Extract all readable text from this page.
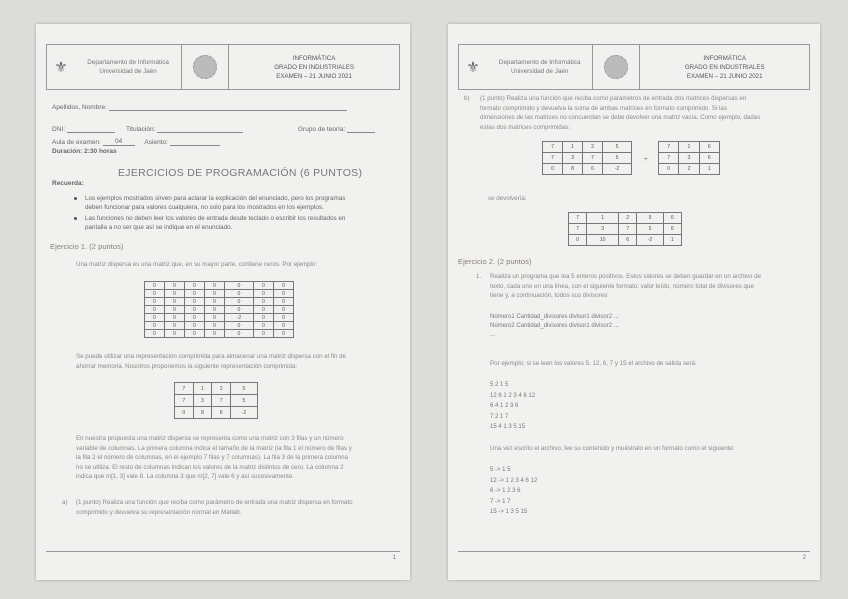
⚜	Departamento de Informática
Universidad de Jaén
INFORMÁTICA
GRADO EN INDUSTRIALES
EXAMEN – 21 JUNIO 2021
Apellidos, Nombre:
DNI:	Titulación:	Grupo de teoría:
Aula de examen: 04	Asiento:
Duración: 2:30 horas
EJERCICIOS DE PROGRAMACIÓN (6 PUNTOS)
Recuerda:
Los ejemplos mostrados sirven para aclarar la explicación del enunciado, pero los programas
deben funcionar para valores cualquiera, no solo para los mostrados en los ejemplos.
Las funciones no deben leer los valores de entrada desde teclado o escribir los resultados en
pantalla a no ser que así se indique en el enunciado.
Ejercicio 1. (2 puntos)
Una matriz dispersa es una matriz que, en su mayor parte, contiene ceros. Por ejemplo:
0	0	0	0	0	0	0
0	0	0	0	0	0	0
0	0	0	0	0	0	0
0	0	0	0	0	0	0
0	0	0	0	-2	0	0
0	0	0	0	0	0	0
0	0	0	0	0	0	0
Se puede utilizar una representación comprimida para almacenar una matriz dispersa con el fin de
ahorrar memoria. Nosotros proponemos la siguiente representación comprimida:
7	1	2	5
7	3	7	5
0	8	6	-2
En nuestra propuesta una matriz dispersa se representa como una matriz con 3 filas y un número
variable de columnas. La primera columna indica el tamaño de la matriz (la fila 1 el número de filas y
la fila 2 el número de columnas, en el ejemplo 7 filas y 7 columnas). La fila 3 de la primera columna
no se utiliza. El resto de columnas indican los valores de la matriz distintos de cero. La columna 2
indica que m[1, 3] vale 8. La columna 3 que m[2, 7] vale 6 y así sucesivamente.
a) (1 punto) Realiza una función que reciba como parámetro de entrada una matriz dispersa en formato
comprimido y devuelva su representación normal en Matlab.
1
⚜	Departamento de Informática
Universidad de Jaén
INFORMÁTICA
GRADO EN INDUSTRIALES
EXAMEN – 21 JUNIO 2021
b) (1 punto) Realiza una función que reciba como parámetros de entrada dos matrices dispersas en
formato comprimido y devuelva la suma de ambas matrices en formato comprimido. Si las
dimensiones de las matrices no concuerdan se debe devolver una matriz vacía. Como ejemplo, dadas
estas dos matrices comprimidas:
7	1	2	5
7	3	7	5
0	8	6	-2
+
7	1	6
7	3	6
0	2	1
se devolvería:
7	1	2	5	6
7	3	7	5	6
0	10	6	-2	1
Ejercicio 2. (2 puntos)
1. Realiza un programa que lea 5 enteros positivos. Estos valores se deben guardar en un archivo de
texto, cada uno en una línea, con el siguiente formato: valor leído, número total de divisores que
tiene y, a continuación, todos sus divisores:
Número1 Cantidad_divisores divisor1 divisor2 ...
Número2 Cantidad_divisores divisor1 divisor2 ...
...
Por ejemplo, si se leen los valores 5, 12, 6, 7 y 15 el archivo de salida será:
5 2 1 5
12 6 1 2 3 4 6 12
6 4 1 2 3 6
7 2 1 7
15 4 1 3 5 15
Una vez escrito el archivo, lee su contenido y muéstralo en un formato como el siguiente:
5 -> 1 5
12 -> 1 2 3 4 6 12
6 -> 1 2 3 6
7 -> 1 7
15 -> 1 3 5 15
2
